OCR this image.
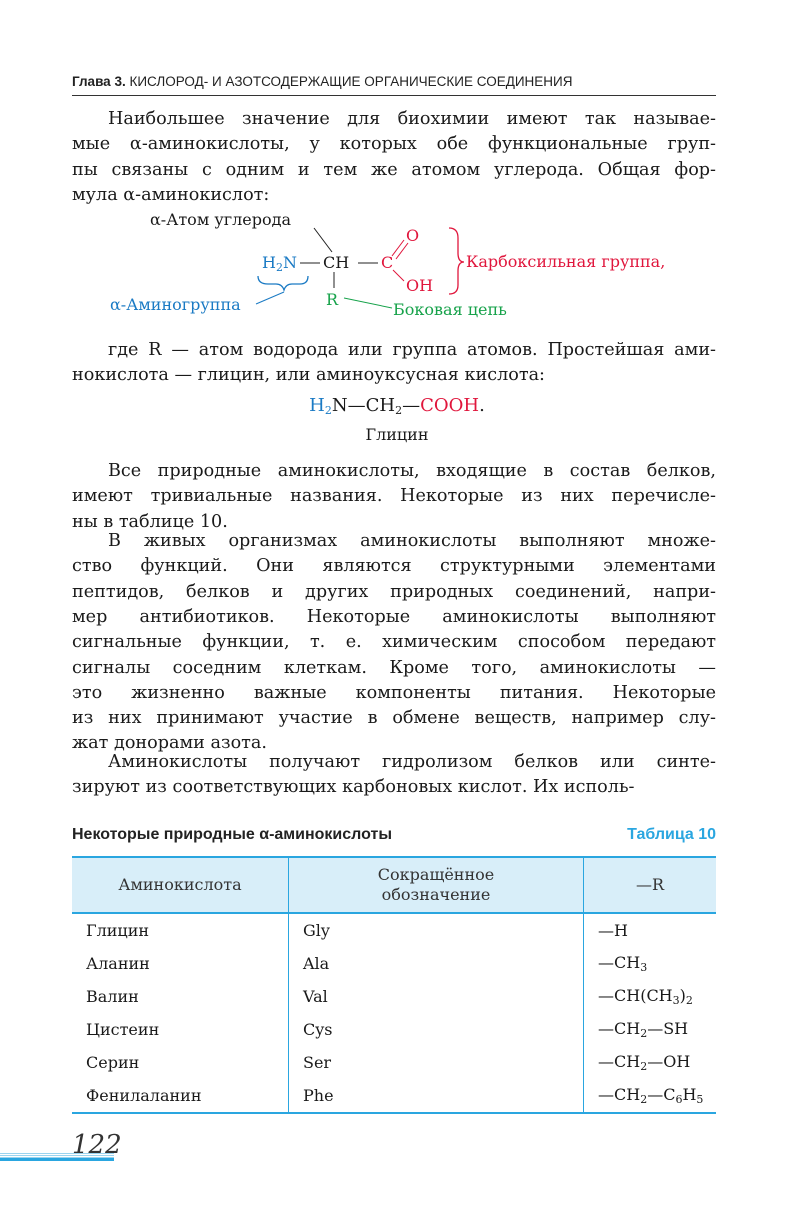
Глава 3. КИСЛОРОД- И АЗОТСОДЕРЖАЩИЕ ОРГАНИЧЕСКИЕ СОЕДИНЕНИЯ
Наибольшее значение для биохимии имеют так называе-
мые α-аминокислоты, у которых обе функциональные груп-
пы связаны с одним и тем же атомом углерода. Общая фор-
мула α-аминокислот:
α-Атом углерода
$H_2N$ CH C
O
OH
R
Карбоксильная группа,
α-Аминогруппа	Боковая цепь
где R — атом водорода или группа атомов. Простейшая ами-
нокислота — глицин, или аминоуксусная кислота:
$H_2N—CH_2—COOH$.
Глицин
Все природные аминокислоты, входящие в состав белков,
имеют тривиальные названия. Некоторые из них перечисле-
ны в таблице 10.
В живых организмах аминокислоты выполняют множе-
ство функций. Они являются структурными элементами
пептидов, белков и других природных соединений, напри-
мер антибиотиков. Некоторые аминокислоты выполняют
сигнальные функции, т. е. химическим способом передают
сигналы соседним клеткам. Кроме того, аминокислоты —
это жизненно важные компоненты питания. Некоторые
из них принимают участие в обмене веществ, например слу-
жат донорами азота.
Аминокислоты получают гидролизом белков или синте-
зируют из соответствующих карбоновых кислот. Их исполь-
Некоторые природные α-аминокислоты	Таблица 10
Аминокислота	Сокращённое обозначение	—R
Глицин	Gly	—H
Аланин	Ala	$—CH_3$
Валин	Val	$—CH(CH_3)_2$
Цистеин	Cys	$—CH_2—SH$
Серин	Ser	$—CH_2—OH$
Фенилаланин	Phe	$—CH_2—C_6H_5$
122
